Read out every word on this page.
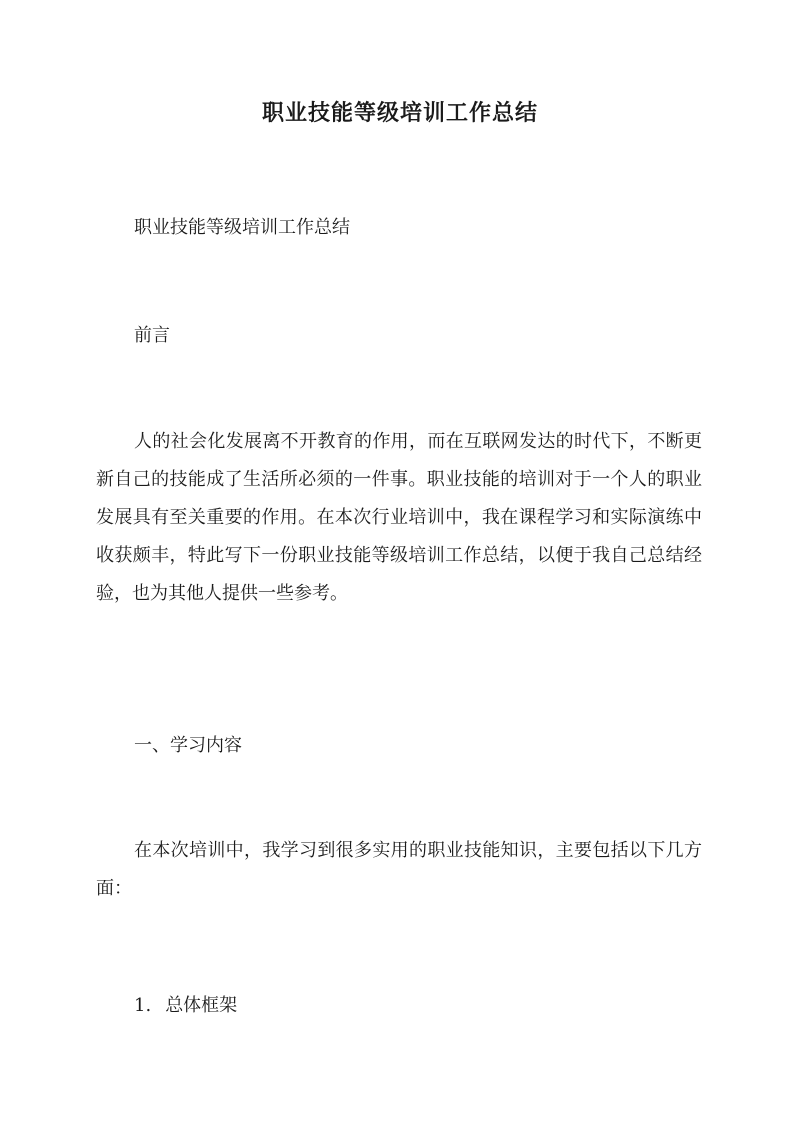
职业技能等级培训工作总结

职业技能等级培训工作总结

前言

人的社会化发展离不开教育的作用，而在互联网发达的时代下，不断更新自己的技能成了生活所必须的一件事。职业技能的培训对于一个人的职业发展具有至关重要的作用。在本次行业培训中，我在课程学习和实际演练中收获颇丰，特此写下一份职业技能等级培训工作总结，以便于我自己总结经验，也为其他人提供一些参考。

一、学习内容

在本次培训中，我学习到很多实用的职业技能知识，主要包括以下几方面：

1. 总体框架
